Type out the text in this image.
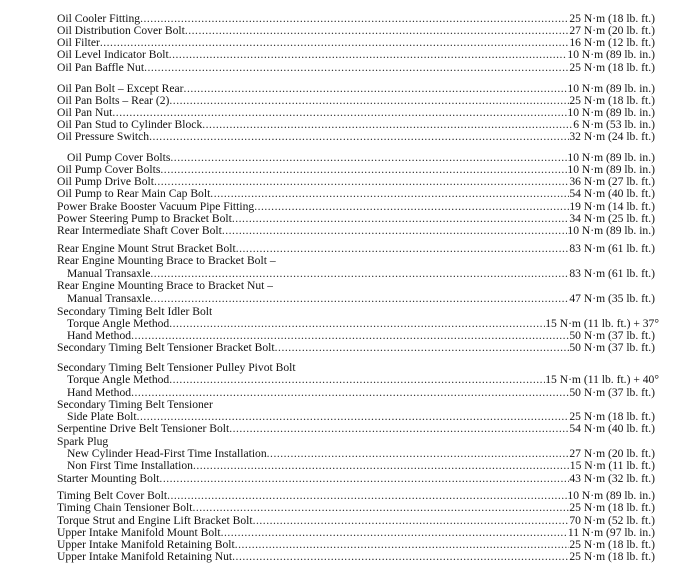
Oil Cooler Fitting .....	25 N·m (18 lb. ft.)
Oil Distribution Cover Bolt .....	27 N·m (20 lb. ft.)
Oil Filter .....	16 N·m (12 lb. ft.)
Oil Level Indicator Bolt .....	10 N·m (89 lb. in.)
Oil Pan Baffle Nut .....	25 N·m (18 lb. ft.)
Oil Pan Bolt – Except Rear .....	10 N·m (89 lb. in.)
Oil Pan Bolts – Rear (2) .....	25 N·m (18 lb. ft.)
Oil Pan Nut .....	10 N·m (89 lb. in.)
Oil Pan Stud to Cylinder Block .....	6 N·m (53 lb. in.)
Oil Pressure Switch .....	32 N·m (24 lb. ft.)
Oil Pump Cover Bolts .....	10 N·m (89 lb. in.)
Oil Pump Cover Bolts .....	10 N·m (89 lb. in.)
Oil Pump Drive Bolt .....	36 N·m (27 lb. ft.)
Oil Pump to Rear Main Cap Bolt .....	54 N·m (40 lb. ft.)
Power Brake Booster Vacuum Pipe Fitting .....	19 N·m (14 lb. ft.)
Power Steering Pump to Bracket Bolt .....	34 N·m (25 lb. ft.)
Rear Intermediate Shaft Cover Bolt .....	10 N·m (89 lb. in.)
Rear Engine Mount Strut Bracket Bolt .....	83 N·m (61 lb. ft.)
Rear Engine Mounting Brace to Bracket Bolt –
Manual Transaxle .....	83 N·m (61 lb. ft.)
Rear Engine Mounting Brace to Bracket Nut –
Manual Transaxle .....	47 N·m (35 lb. ft.)
Secondary Timing Belt Idler Bolt
Torque Angle Method .....	15 N·m (11 lb. ft.) + 37°
Hand Method .....	50 N·m (37 lb. ft.)
Secondary Timing Belt Tensioner Bracket Bolt .....	50 N·m (37 lb. ft.)
Secondary Timing Belt Tensioner Pulley Pivot Bolt
Torque Angle Method .....	15 N·m (11 lb. ft.) + 40°
Hand Method .....	50 N·m (37 lb. ft.)
Secondary Timing Belt Tensioner
Side Plate Bolt .....	25 N·m (18 lb. ft.)
Serpentine Drive Belt Tensioner Bolt .....	54 N·m (40 lb. ft.)
Spark Plug
New Cylinder Head-First Time Installation .....	27 N·m (20 lb. ft.)
Non First Time Installation .....	15 N·m (11 lb. ft.)
Starter Mounting Bolt .....	43 N·m (32 lb. ft.)
Timing Belt Cover Bolt .....	10 N·m (89 lb. in.)
Timing Chain Tensioner Bolt .....	25 N·m (18 lb. ft.)
Torque Strut and Engine Lift Bracket Bolt .....	70 N·m (52 lb. ft.)
Upper Intake Manifold Mount Bolt .....	11 N·m (97 lb. in.)
Upper Intake Manifold Retaining Bolt .....	25 N·m (18 lb. ft.)
Upper Intake Manifold Retaining Nut .....	25 N·m (18 lb. ft.)
